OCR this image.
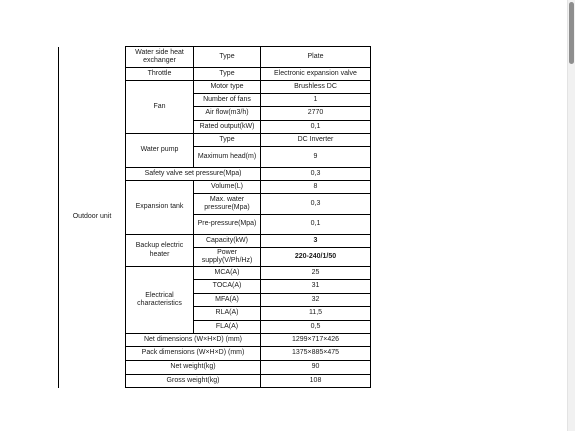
Outdoor unit	Water side heat exchanger	Type	Plate
	Throttle	Type	Electronic expansion valve
	Fan	Motor type	Brushless DC
		Number of fans	1
		Air flow(m3/h)	2770
		Rated output(kW)	0,1
	Water pump	Type	DC Inverter
		Maximum head(m)	9
	Safety valve set pressure(Mpa)		0,3
	Expansion tank	Volume(L)	8
		Max. water pressure(Mpa)	0,3
		Pre-pressure(Mpa)	0,1
	Backup electric heater	Capacity(kW)	3
		Power supply(V/Ph/Hz)	220-240/1/50
	Electrical characteristics	MCA(A)	25
		TOCA(A)	31
		MFA(A)	32
		RLA(A)	11,5
		FLA(A)	0,5
	Net dimensions (W×H×D) (mm)		1299×717×426
	Pack dimensions (W×H×D) (mm)		1375×885×475
	Net weight(kg)		90
	Gross weight(kg)		108
